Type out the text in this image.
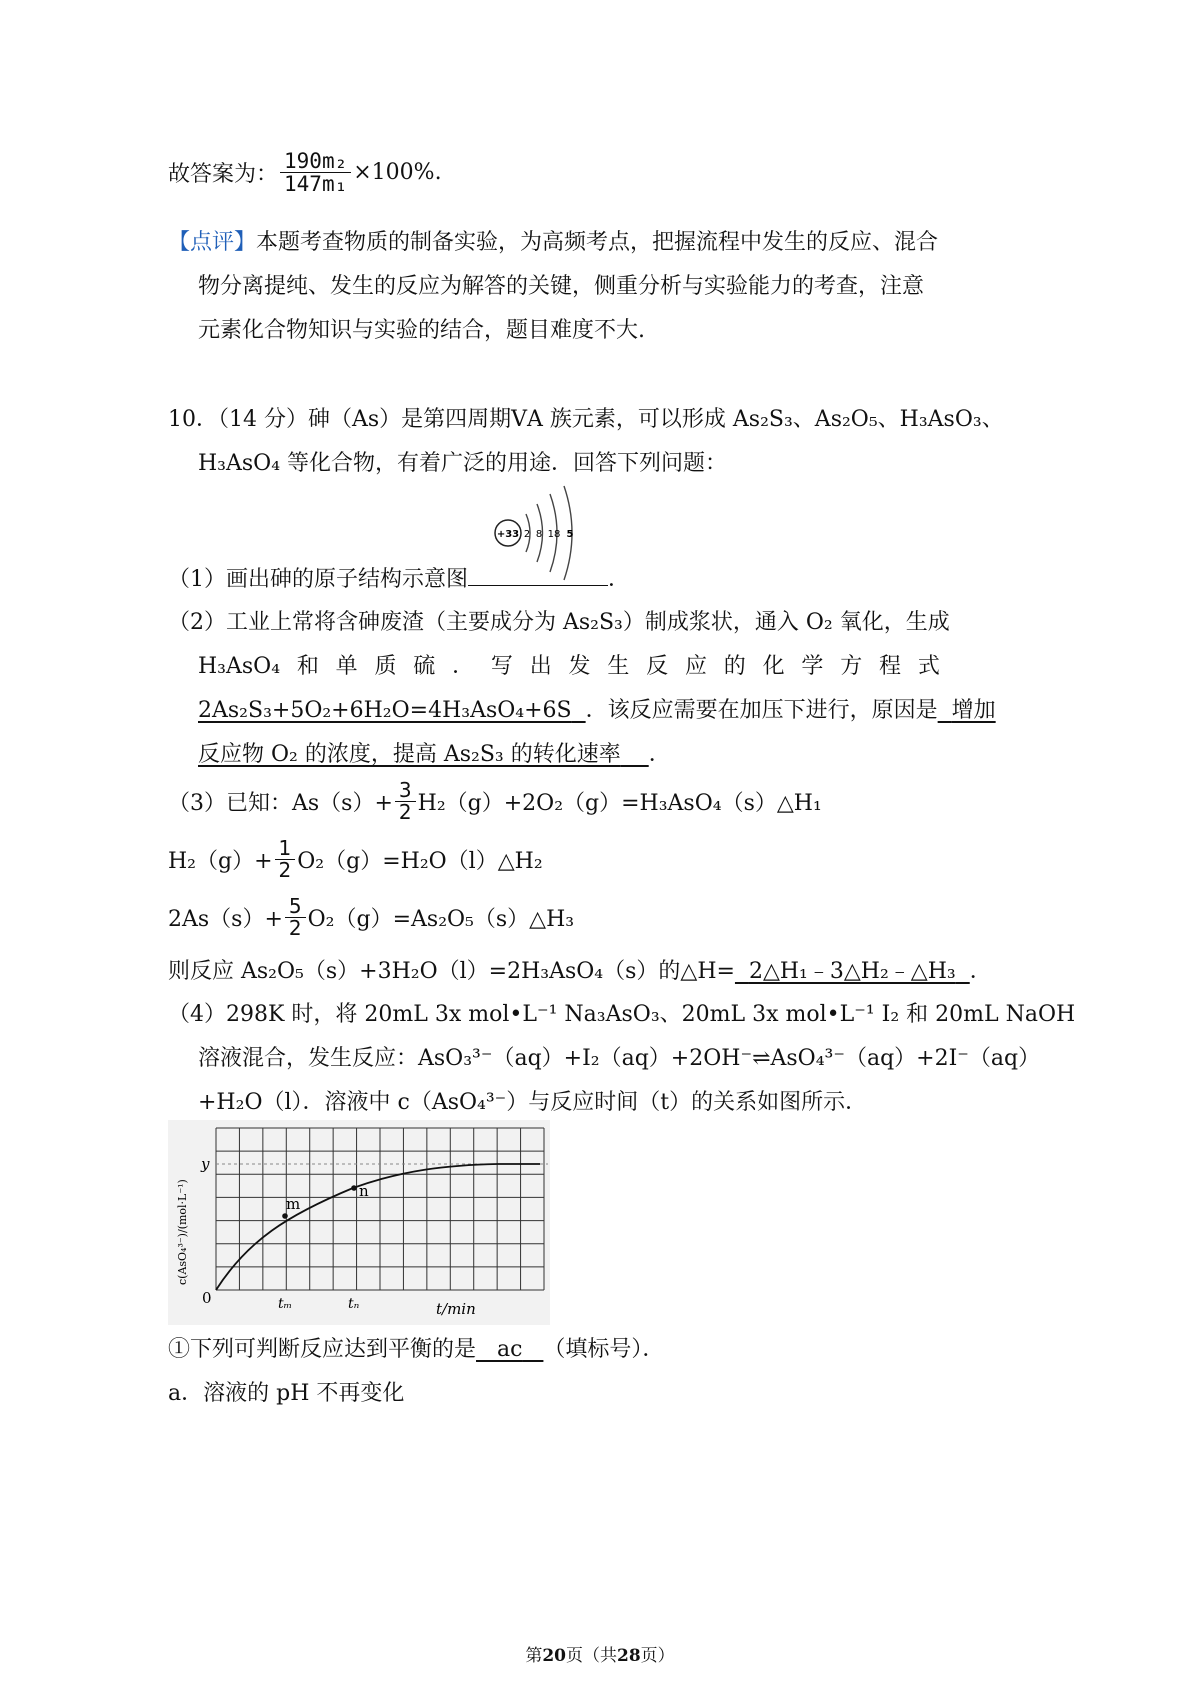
故答案为： $\frac{\text{190m₂}}{\text{147m₁}} \times 100\%$.
【点评】本题考查物质的制备实验，为高频考点，把握流程中发生的反应、混合
物分离提纯、发生的反应为解答的关键，侧重分析与实验能力的考查，注意
元素化合物知识与实验的结合，题目难度不大.
10．（14 分）砷（As）是第四周期ⅤA 族元素，可以形成 As₂S₃、As₂O₅、H₃AsO₃、
H₃AsO₄ 等化合物，有着广泛的用途．回答下列问题：
+33 2 8 18 5
（1）画出砷的原子结构示意图	．
（2）工业上常将含砷废渣（主要成分为 As₂S₃）制成浆状，通入 O₂ 氧化，生成
H₃AsO₄ 和 单 质 硫 ． 写 出 发 生 反 应 的 化 学 方 程 式
2As₂S₃+5O₂+6H₂O=4H₃AsO₄+6S ．该反应需要在加压下进行，原因是 增加
反应物 O₂ 的浓度，提高 As₂S₃ 的转化速率 ．
（3）已知：$As(s)+ \frac{3}{2}$ H₂（g）+2O₂（g）=H₃AsO₄（s）△H₁
$H_2(g)+ \frac{1}{2}$ O₂（g）=H₂O（l）△H₂
$2As(s)+ \frac{5}{2}$ O₂（g）=As₂O₅（s）△H₃
则反应 As₂O₅（s）+3H₂O（l）=2H₃AsO₄（s）的△H= 2△H₁﹣3△H₂﹣△H₃ ．
（4）298K 时，将 20mL 3x mol•L⁻¹ Na₃AsO₃、20mL 3x mol•L⁻¹ I₂ 和 20mL NaOH
溶液混合，发生反应：AsO₃³⁻（aq）+I₂（aq）+2OH⁻⇌AsO₄³⁻（aq）+2I⁻（aq）
+H₂O（l）．溶液中 c（AsO₄³⁻）与反应时间（t）的关系如图所示．
m
n
y
0	tₘ	tₙ	t/min
c(AsO₄³⁻)/(mol·L⁻¹)
①下列可判断反应达到平衡的是 ac （填标号）．
a．溶液的 pH 不再变化
第20页（共28页）
